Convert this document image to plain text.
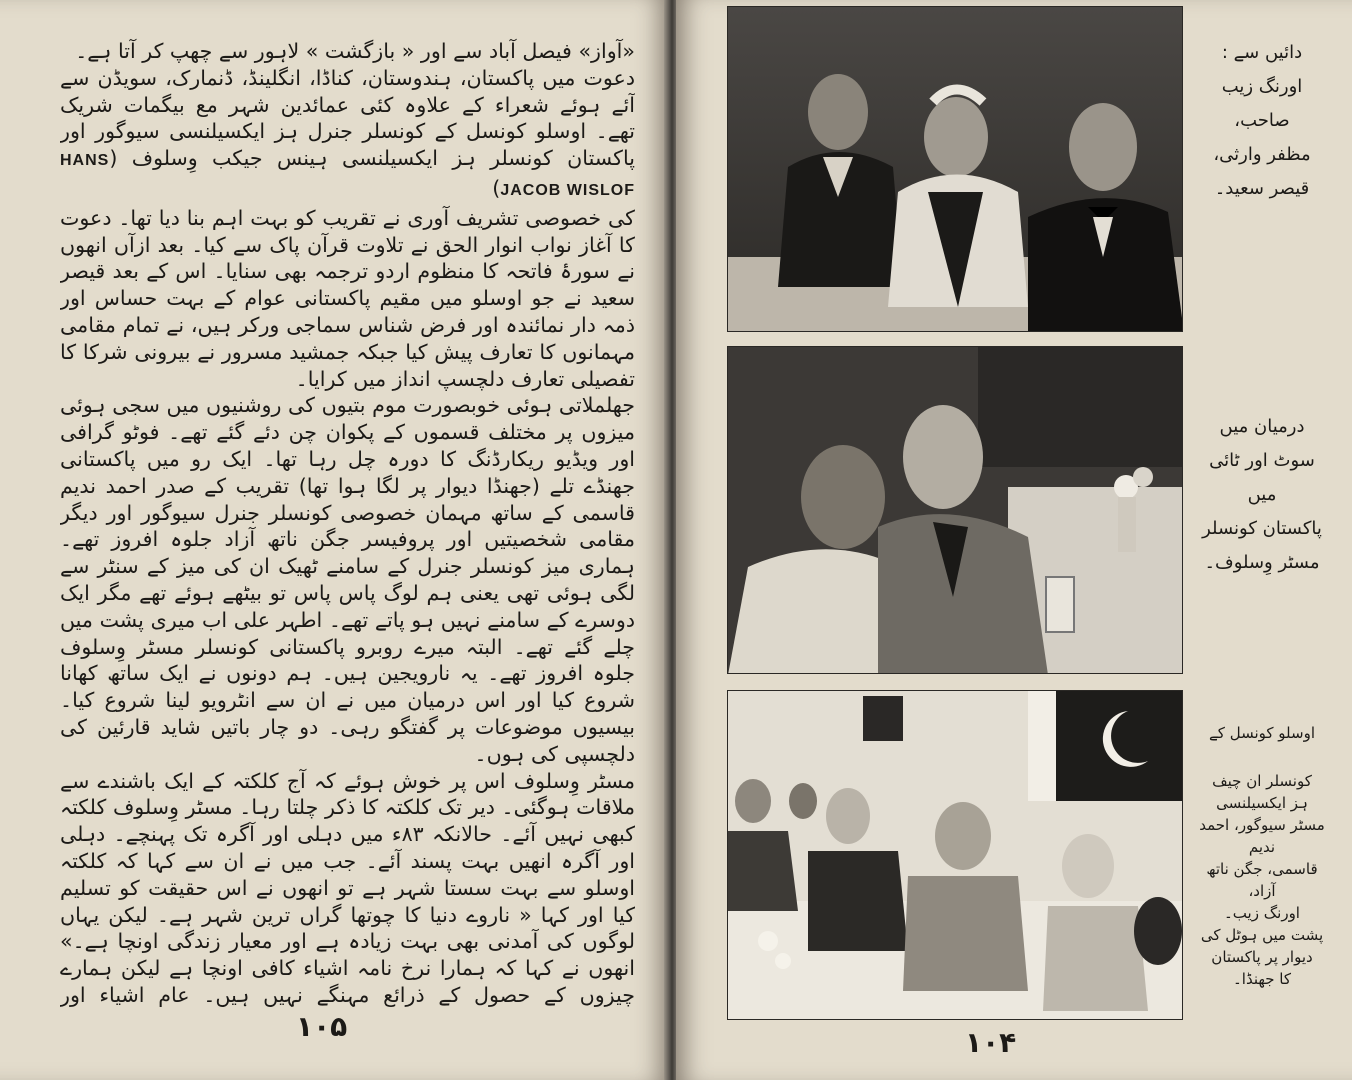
«آواز» فیصل آباد سے اور « بازگشت » لاہور سے چھپ کر آتا ہے۔

دعوت میں پاکستان، ہندوستان، کناڈا، انگلینڈ، ڈنمارک، سویڈن سے آئے ہوئے شعراء کے علاوہ کئی عمائدین شہر مع بیگمات شریک تھے۔ اوسلو کونسل کے کونسلر جنرل ہز ایکسیلنسی سیوگور اور پاکستان کونسلر ہز ایکسیلنسی ہینس جیکب وِسلوف (HANS JACOB WISLOF)

کی خصوصی تشریف آوری نے تقریب کو بہت اہم بنا دیا تھا۔ دعوت کا آغاز نواب انوار الحق نے تلاوت قرآن پاک سے کیا۔ بعد ازآں انھوں نے سورۂ فاتحہ کا منظوم اردو ترجمہ بھی سنایا۔ اس کے بعد قیصر سعید نے جو اوسلو میں مقیم پاکستانی عوام کے بہت حساس اور ذمہ دار نمائندہ اور فرض شناس سماجی ورکر ہیں، نے تمام مقامی مہمانوں کا تعارف پیش کیا جبکہ جمشید مسرور نے بیرونی شرکا کا تفصیلی تعارف دلچسپ انداز میں کرایا۔

جھلملاتی ہوئی خوبصورت موم بتیوں کی روشنیوں میں سجی ہوئی میزوں پر مختلف قسموں کے پکوان چن دئے گئے تھے۔ فوٹو گرافی اور ویڈیو ریکارڈنگ کا دورہ چل رہا تھا۔ ایک رو میں پاکستانی جھنڈے تلے (جھنڈا دیوار پر لگا ہوا تھا) تقریب کے صدر احمد ندیم قاسمی کے ساتھ مہمان خصوصی کونسلر جنرل سیوگور اور دیگر مقامی شخصیتیں اور پروفیسر جگن ناتھ آزاد جلوہ افروز تھے۔ ہماری میز کونسلر جنرل کے سامنے ٹھیک ان کی میز کے سنٹر سے لگی ہوئی تھی یعنی ہم لوگ پاس پاس تو بیٹھے ہوئے تھے مگر ایک دوسرے کے سامنے نہیں ہو پاتے تھے۔ اطہر علی اب میری پشت میں چلے گئے تھے۔ البتہ میرے روبرو پاکستانی کونسلر مسٹر وِسلوف جلوہ افروز تھے۔ یہ نارویجین ہیں۔ ہم دونوں نے ایک ساتھ کھانا شروع کیا اور اس درمیان میں نے ان سے انٹرویو لینا شروع کیا۔ بیسیوں موضوعات پر گفتگو رہی۔ دو چار باتیں شاید قارئین کی دلچسپی کی ہوں۔

مسٹر وِسلوف اس پر خوش ہوئے کہ آج کلکتہ کے ایک باشندے سے ملاقات ہوگئی۔ دیر تک کلکتہ کا ذکر چلتا رہا۔ مسٹر وِسلوف کلکتہ کبھی نہیں آئے۔ حالانکہ ۸۳ء میں دہلی اور آگرہ تک پہنچے۔ دہلی اور آگرہ انھیں بہت پسند آئے۔ جب میں نے ان سے کہا کہ کلکتہ اوسلو سے بہت سستا شہر ہے تو انھوں نے اس حقیقت کو تسلیم کیا اور کہا « ناروے دنیا کا چوتھا گراں ترین شہر ہے۔ لیکن یہاں لوگوں کی آمدنی بھی بہت زیادہ ہے اور معیار زندگی اونچا ہے۔» انھوں نے کہا کہ ہمارا نرخ نامہ اشیاء کافی اونچا ہے لیکن ہمارے چیزوں کے حصول کے ذرائع مہنگے نہیں ہیں۔ عام اشیاء اور

۱۰۵
دائیں سے :
اورنگ زیب صاحب،
مظفر وارثی،
قیصر سعید۔
درمیان میں
سوٹ اور ٹائی میں
پاکستان کونسلر
مسٹر وِسلوف۔
اوسلو کونسل کے
کونسلر ان چیف
ہز ایکسیلنسی
مسٹر سیوگور، احمد ندیم
قاسمی، جگن ناتھ آزاد،
اورنگ زیب۔
پشت میں ہوٹل کی
دیوار پر پاکستان
کا جھنڈا۔
۱۰۴
